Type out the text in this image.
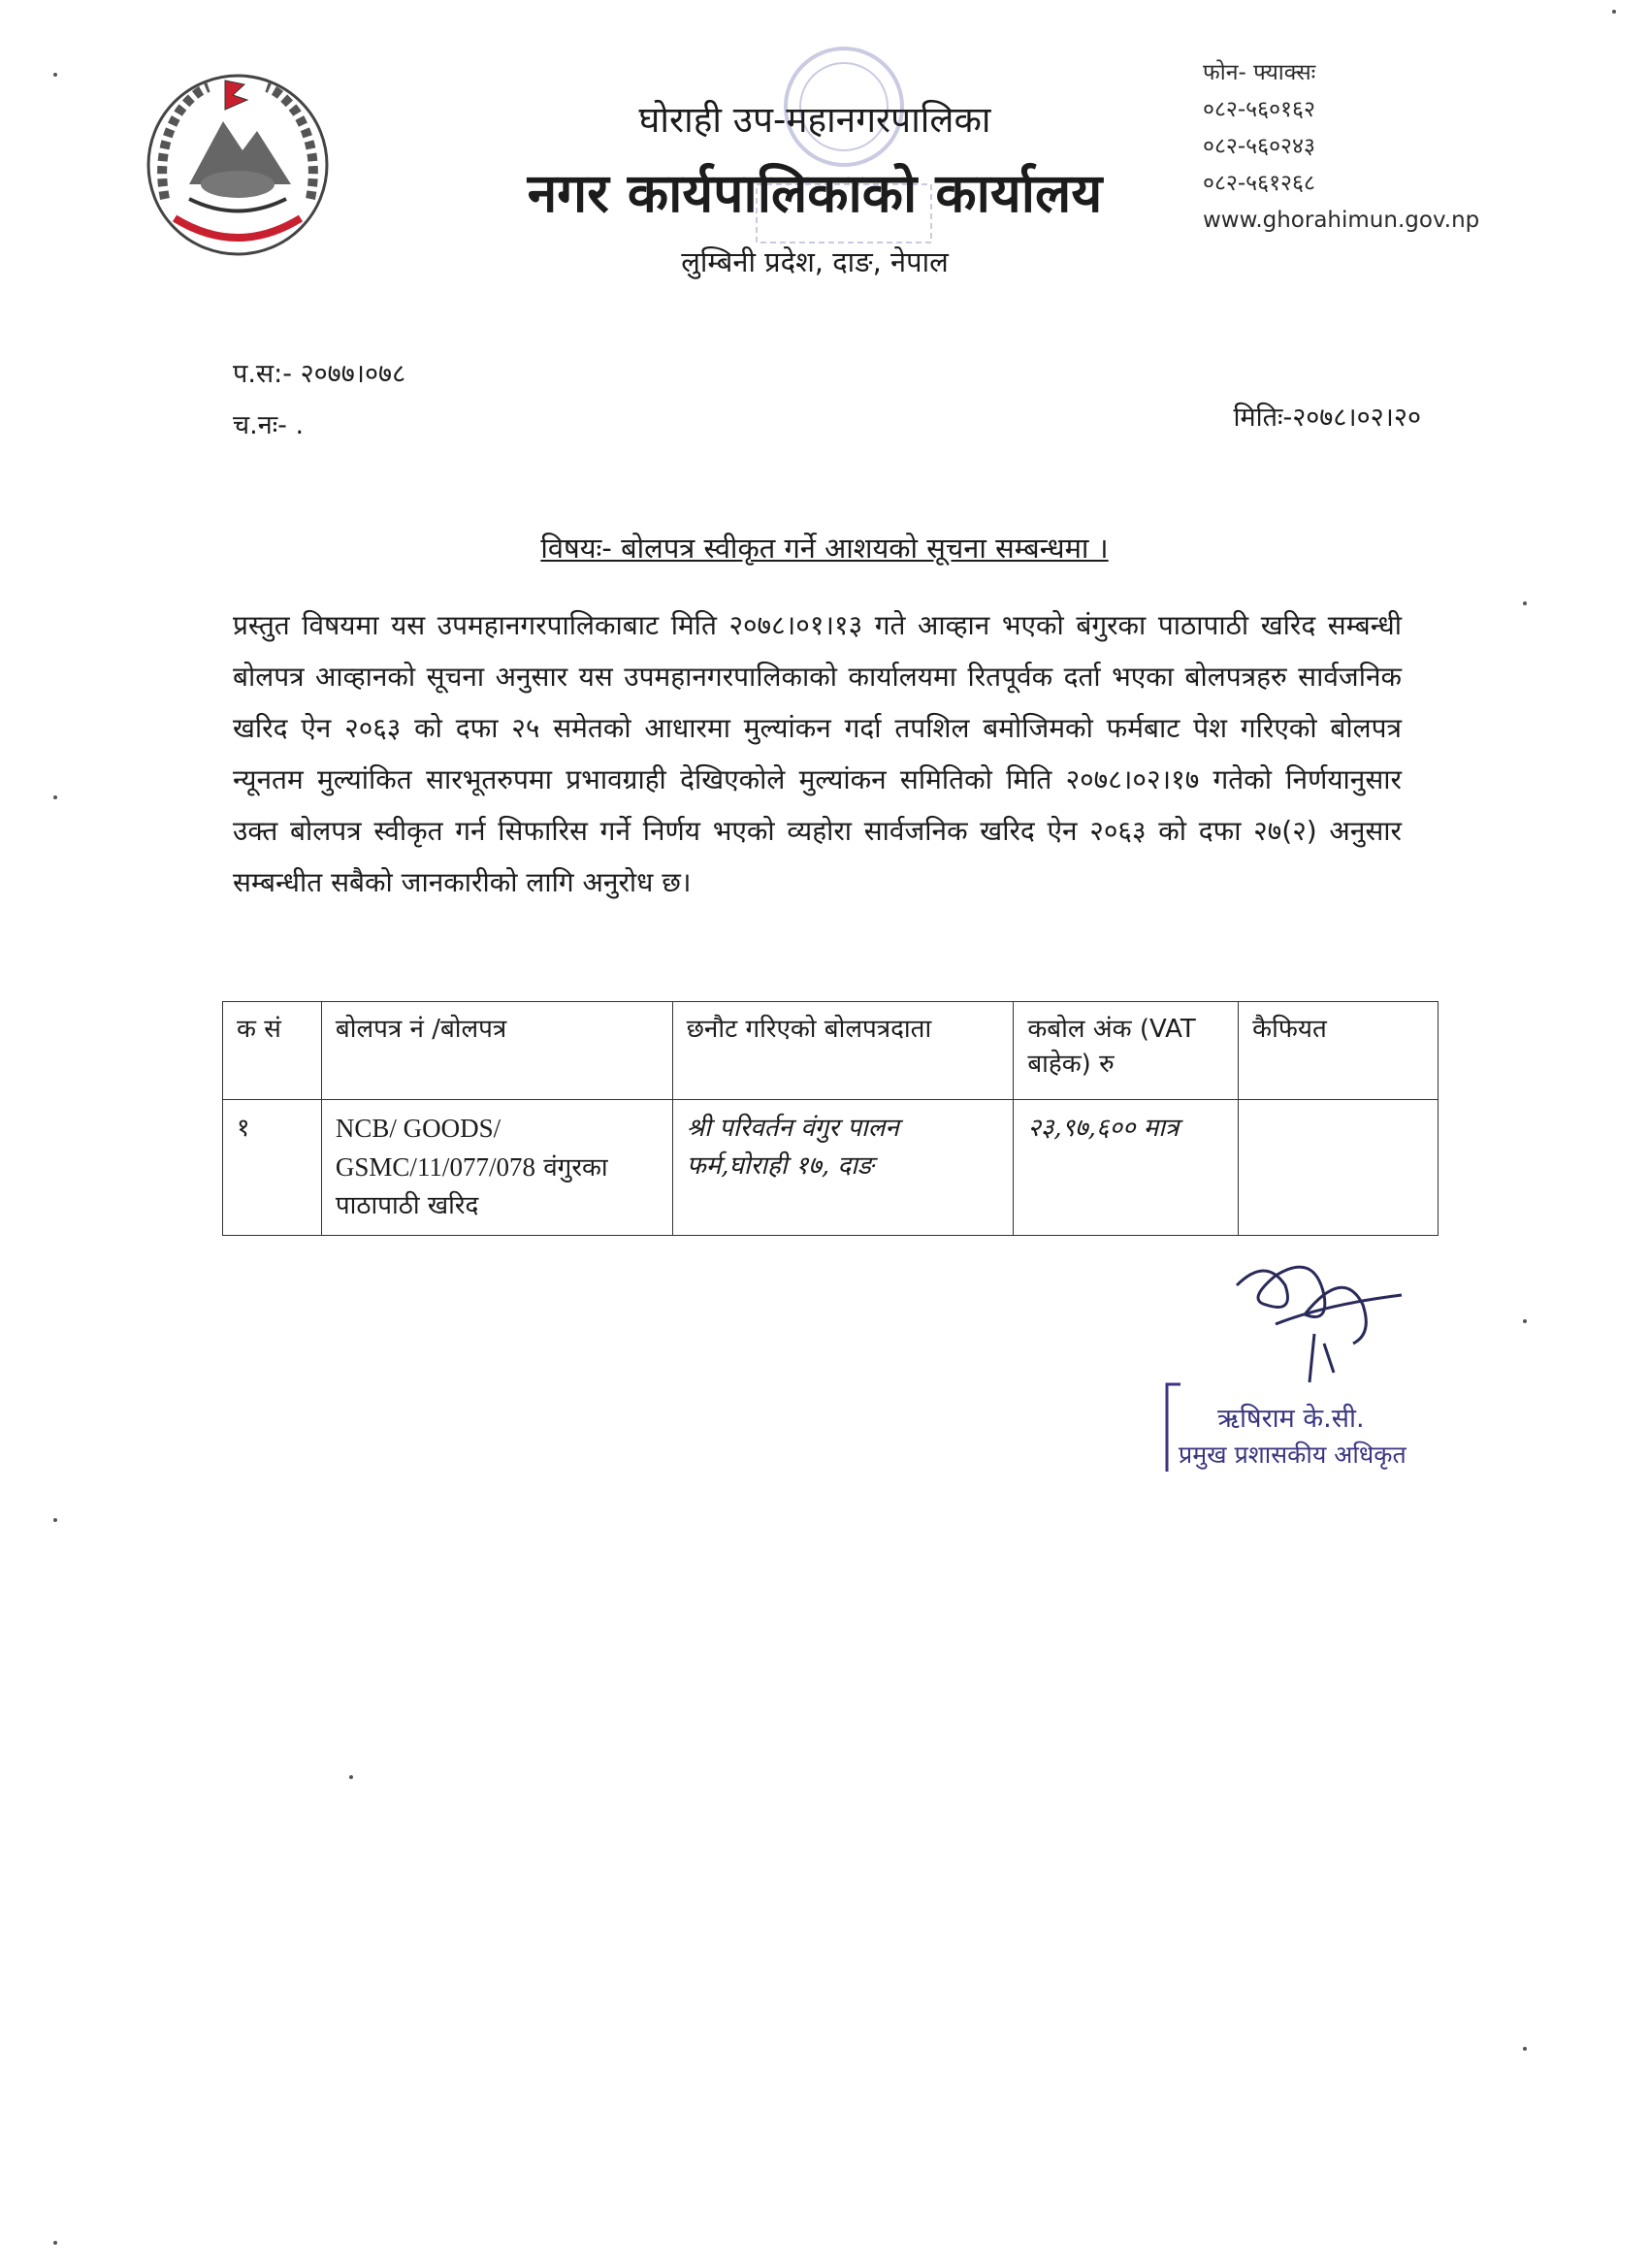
घोराही उप-महानगरपालिका
नगर कार्यपालिकाको कार्यालय
लुम्बिनी प्रदेश, दाङ, नेपाल
फोन- फ्याक्सः
०८२-५६०१६२
०८२-५६०२४३
०८२-५६१२६८
www.ghorahimun.gov.np
प.स:- २०७७।०७८
च.नः- .	मितिः-२०७८।०२।२०
विषयः- बोलपत्र स्वीकृत गर्ने आशयको सूचना सम्बन्धमा ।
प्रस्तुत विषयमा यस उपमहानगरपालिकाबाट मिति २०७८।०१।१३ गते आव्हान भएको बंगुरका पाठापाठी खरिद सम्बन्धी बोलपत्र आव्हानको सूचना अनुसार यस उपमहानगरपालिकाको कार्यालयमा रितपूर्वक दर्ता भएका बोलपत्रहरु सार्वजनिक खरिद ऐन २०६३ को दफा २५ समेतको आधारमा मुल्यांकन गर्दा तपशिल बमोजिमको फर्मबाट पेश गरिएको बोलपत्र न्यूनतम मुल्यांकित सारभूतरुपमा प्रभावग्राही देखिएकोले मुल्यांकन समितिको मिति २०७८।०२।१७ गतेको निर्णयानुसार उक्त बोलपत्र स्वीकृत गर्न सिफारिस गर्ने निर्णय भएको व्यहोरा सार्वजनिक खरिद ऐन २०६३ को दफा २७(२) अनुसार सम्बन्धीत सबैको जानकारीको लागि अनुरोध छ।
क सं	बोलपत्र नं /बोलपत्र	छनौट गरिएको बोलपत्रदाता	कबोल अंक (VAT बाहेक) रु	कैफियत
१	NCB/ GOODS/ GSMC/11/077/078 वंगुरका पाठापाठी खरिद	श्री परिवर्तन वंगुर पालन फर्म,घोराही १७, दाङ	२३,९७,६०० मात्र	
ऋषिराम के.सी.
प्रमुख प्रशासकीय अधिकृत
